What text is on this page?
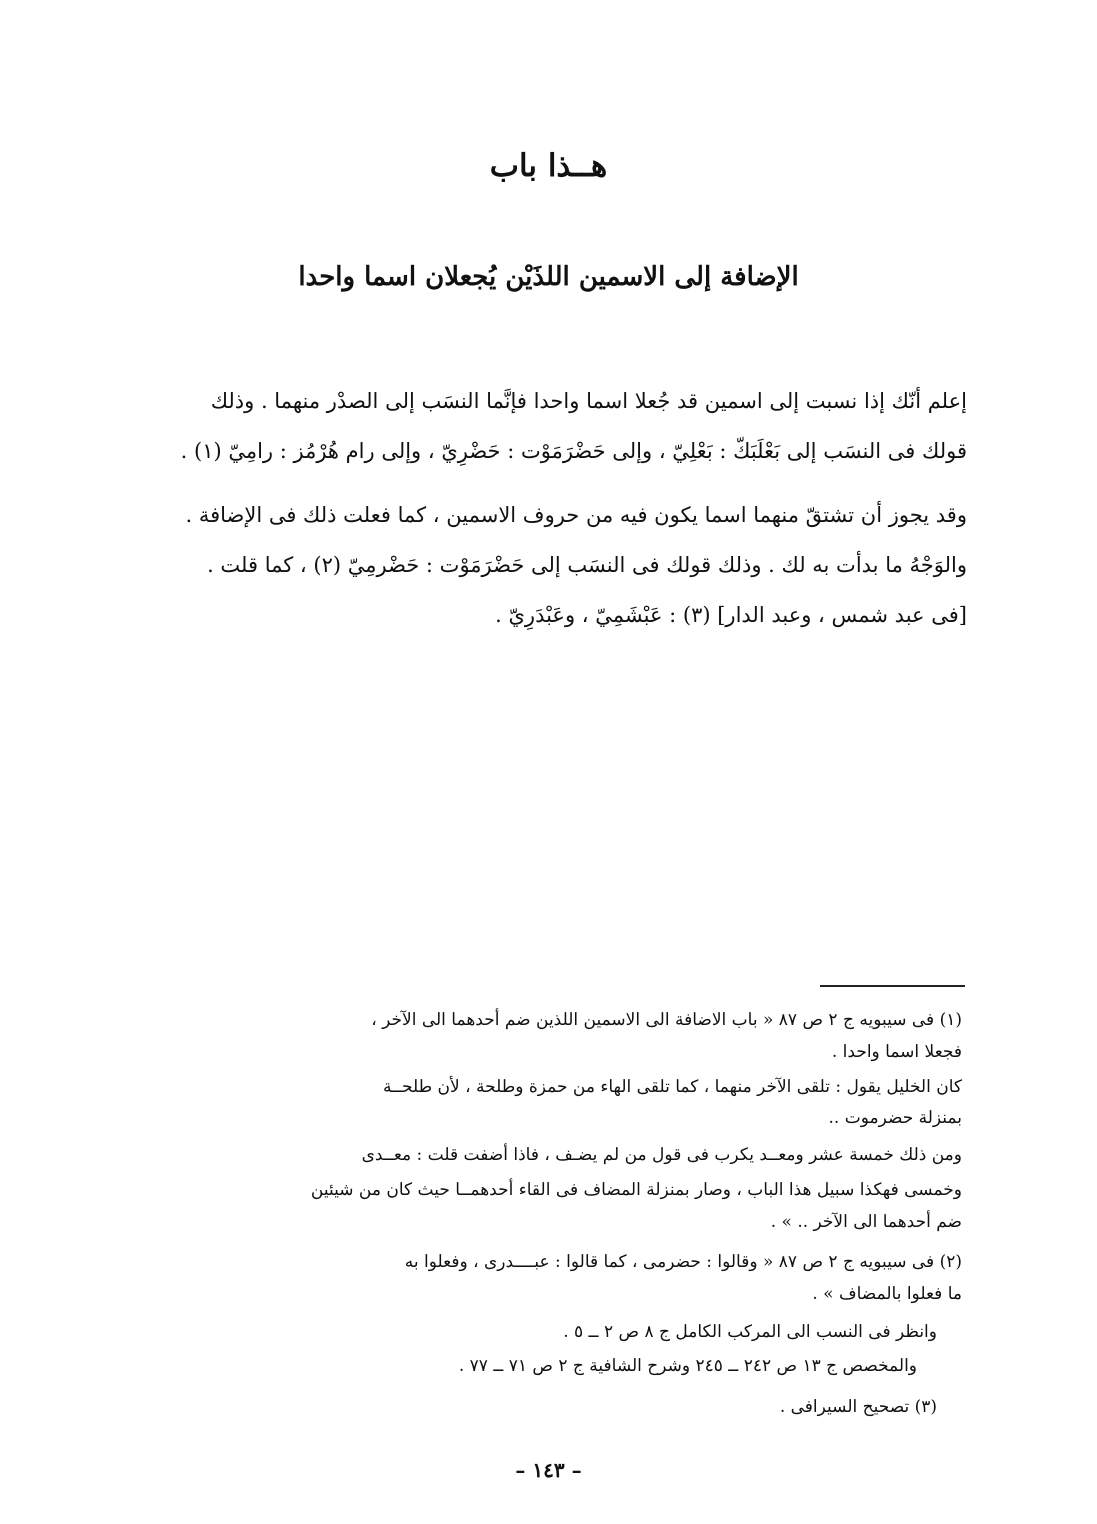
هــذا باب
الإضافة إلى الاسمين اللذَيْن يُجعلان اسما واحدا
إعلم أنّك إذا نسبت إلى اسمين قد جُعلا اسما واحدا فإنَّما النسَب إلى الصدْر منهما . وذلك
قولك فى النسَب إلى بَعْلَبَكّ : بَعْلِيّ ، وإلى حَضْرَمَوْت : حَضْرِيّ ، وإلى رام هُرْمُز : رامِيّ (١) .
وقد يجوز أن تشتقّ منهما اسما يكون فيه من حروف الاسمين ، كما فعلت ذلك فى الإضافة .
والوَجْهُ ما بدأت به لك . وذلك قولك فى النسَب إلى حَضْرَمَوْت : حَضْرمِيّ (٢) ، كما قلت .
[فى عبد شمس ، وعبد الدار] (٣) : عَبْشَمِيّ ، وعَبْدَرِيّ .
(١) فى سيبويه ج ٢ ص ٨٧ « باب الاضافة الى الاسمين اللذين ضم أحدهما الى الآخر ،
فجعلا اسما واحدا .
كان الخليل يقول : تلقى الآخر منهما ، كما تلقى الهاء من حمزة وطلحة ، لأن طلحــة
بمنزلة حضرموت ..
ومن ذلك خمسة عشر ومعــد يكرب فى قول من لم يضـف ، فاذا أضفت قلت : معــدى
وخمسى فهكذا سبيل هذا الباب ، وصار بمنزلة المضاف فى القاء أحدهمــا حيث كان من شيئين
ضم أحدهما الى الآخر .. » .
(٢) فى سيبويه ج ٢ ص ٨٧ « وقالوا : حضرمى ، كما قالوا : عبــــدرى ، وفعلوا به
ما فعلوا بالمضاف » .
وانظر فى النسب الى المركب الكامل ج ٨ ص ٢ ــ ٥ .
والمخصص ج ١٣ ص ٢٤٢ ــ ٢٤٥ وشرح الشافية ج ٢ ص ٧١ ــ ٧٧ .
(٣) تصحيح السيرافى .
– ١٤٣ –
